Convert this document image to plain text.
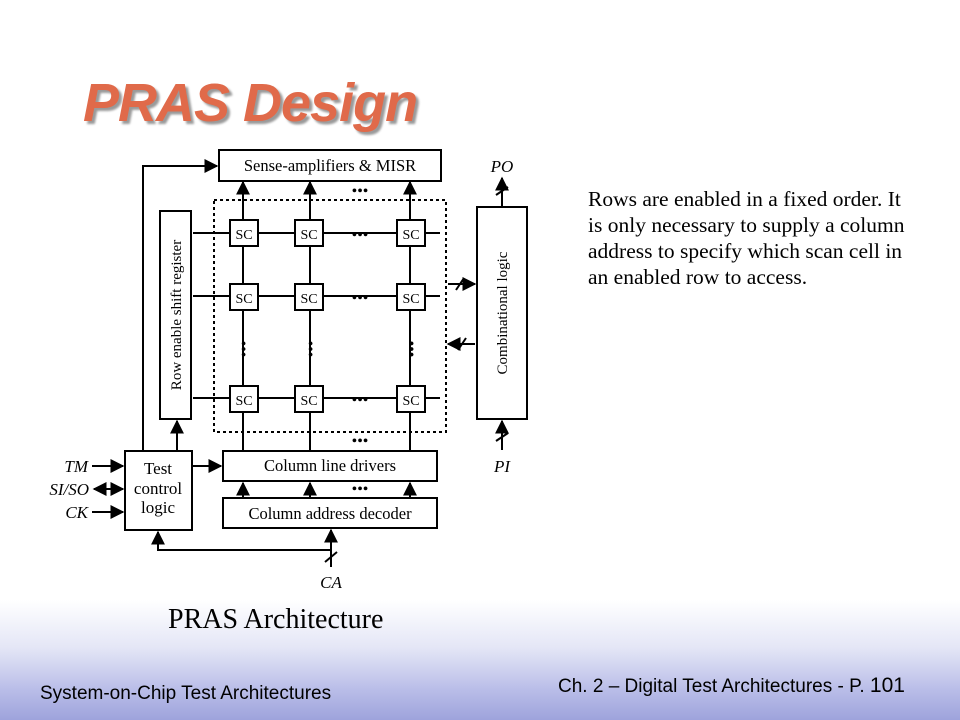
PRAS Design
Sense-amplifiers & MISR
Row enable shift register	Combinational logic
Column line drivers
Column address decoder
Test
control
logic
CA
TM
SI/SO
CK
PO
PI
SC	SC	SC
SC	SC	SC
SC	SC	SC
•••
•••
•••
•••
•••
•••
•••	•••	•••
Rows are enabled in a fixed order. It is only necessary to supply a column address to specify which scan cell in an enabled row to access.
PRAS Architecture
System-on-Chip Test Architectures	Ch. 2 – Digital Test Architectures - P. 101
